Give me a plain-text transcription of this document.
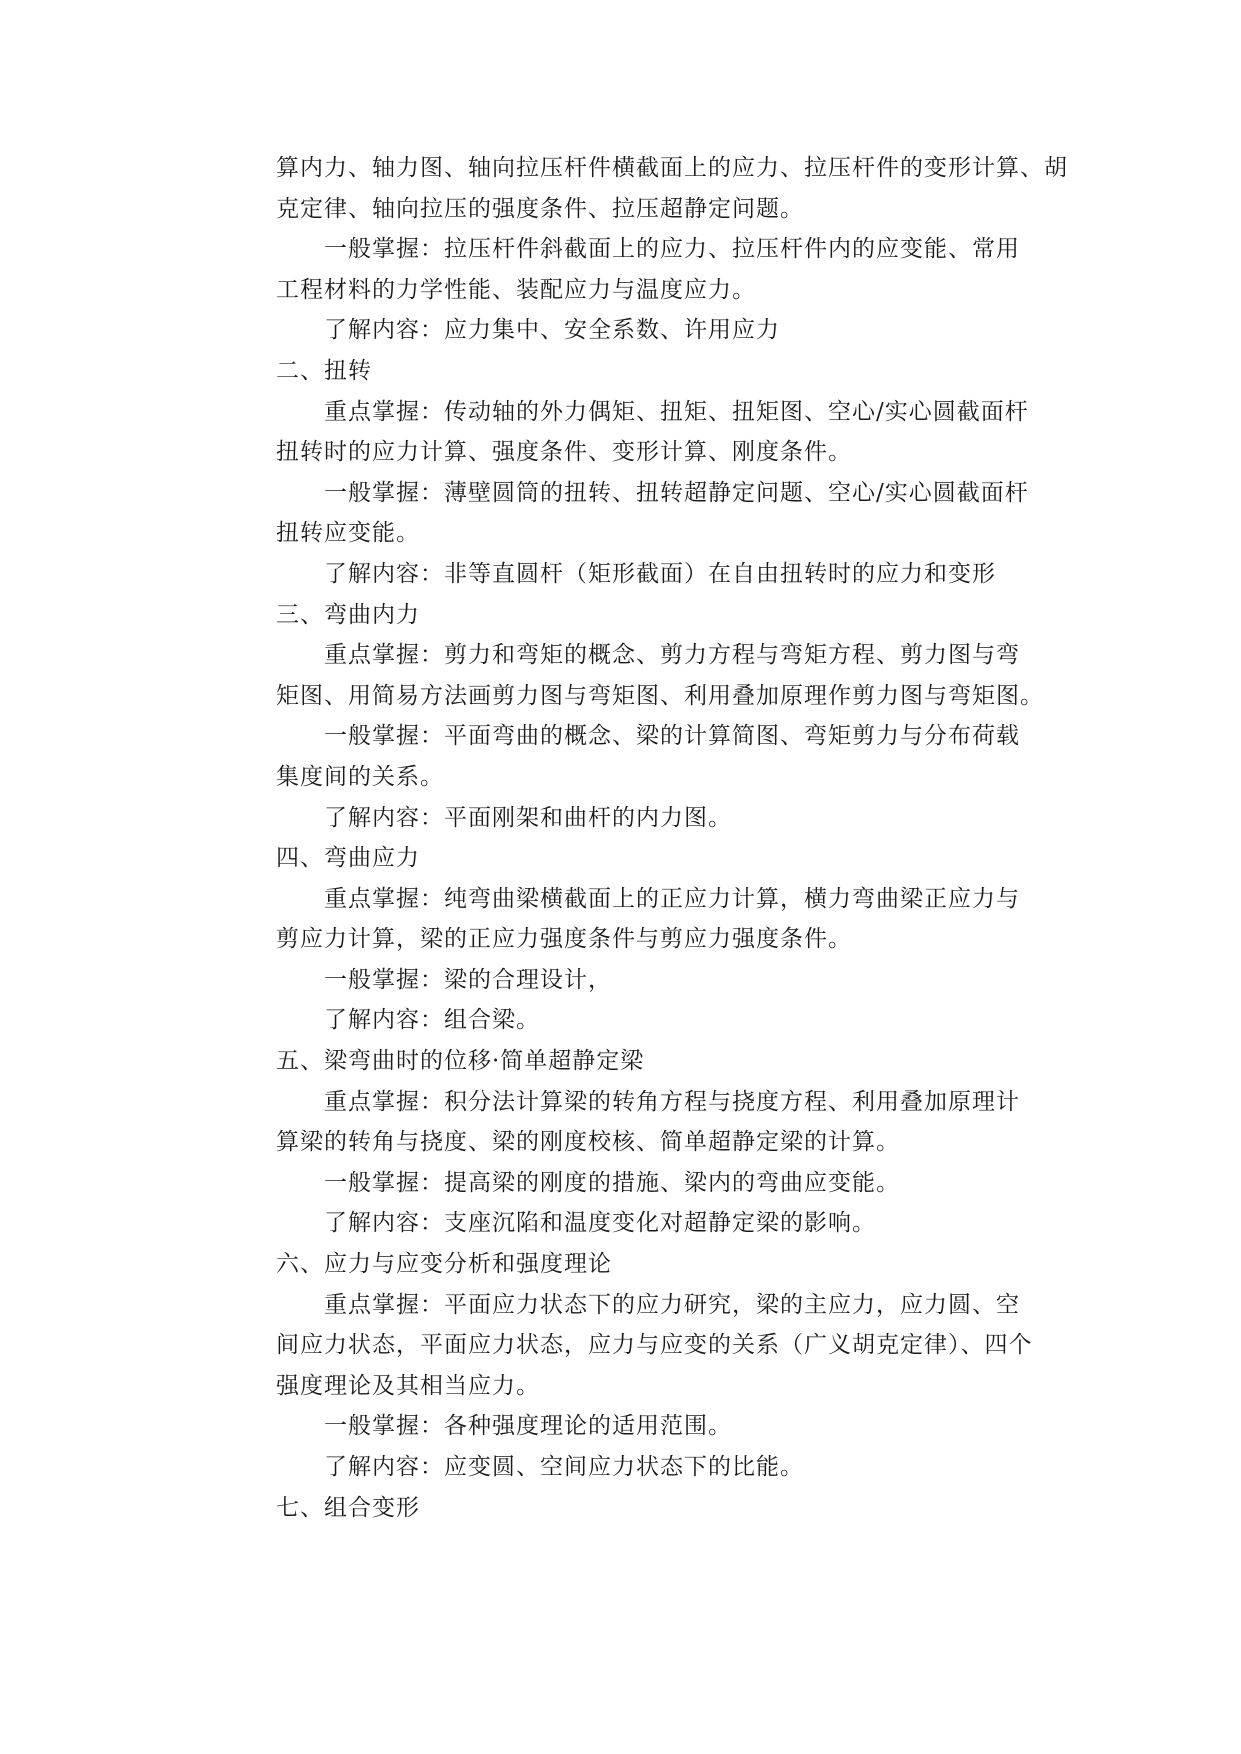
算内力、轴力图、轴向拉压杆件横截面上的应力、拉压杆件的变形计算、胡
克定律、轴向拉压的强度条件、拉压超静定问题。
一般掌握：拉压杆件斜截面上的应力、拉压杆件内的应变能、常用
工程材料的力学性能、装配应力与温度应力。
了解内容：应力集中、安全系数、许用应力
二、扭转
重点掌握：传动轴的外力偶矩、扭矩、扭矩图、空心/实心圆截面杆
扭转时的应力计算、强度条件、变形计算、刚度条件。
一般掌握：薄壁圆筒的扭转、扭转超静定问题、空心/实心圆截面杆
扭转应变能。
了解内容：非等直圆杆（矩形截面）在自由扭转时的应力和变形
三、弯曲内力
重点掌握：剪力和弯矩的概念、剪力方程与弯矩方程、剪力图与弯
矩图、用简易方法画剪力图与弯矩图、利用叠加原理作剪力图与弯矩图。
一般掌握：平面弯曲的概念、梁的计算简图、弯矩剪力与分布荷载
集度间的关系。
了解内容：平面刚架和曲杆的内力图。
四、弯曲应力
重点掌握：纯弯曲梁横截面上的正应力计算，横力弯曲梁正应力与
剪应力计算，梁的正应力强度条件与剪应力强度条件。
一般掌握：梁的合理设计，
了解内容：组合梁。
五、梁弯曲时的位移·简单超静定梁
重点掌握：积分法计算梁的转角方程与挠度方程、利用叠加原理计
算梁的转角与挠度、梁的刚度校核、简单超静定梁的计算。
一般掌握：提高梁的刚度的措施、梁内的弯曲应变能。
了解内容：支座沉陷和温度变化对超静定梁的影响。
六、应力与应变分析和强度理论
重点掌握：平面应力状态下的应力研究，梁的主应力，应力圆、空
间应力状态，平面应力状态，应力与应变的关系（广义胡克定律）、四个
强度理论及其相当应力。
一般掌握：各种强度理论的适用范围。
了解内容：应变圆、空间应力状态下的比能。
七、组合变形
